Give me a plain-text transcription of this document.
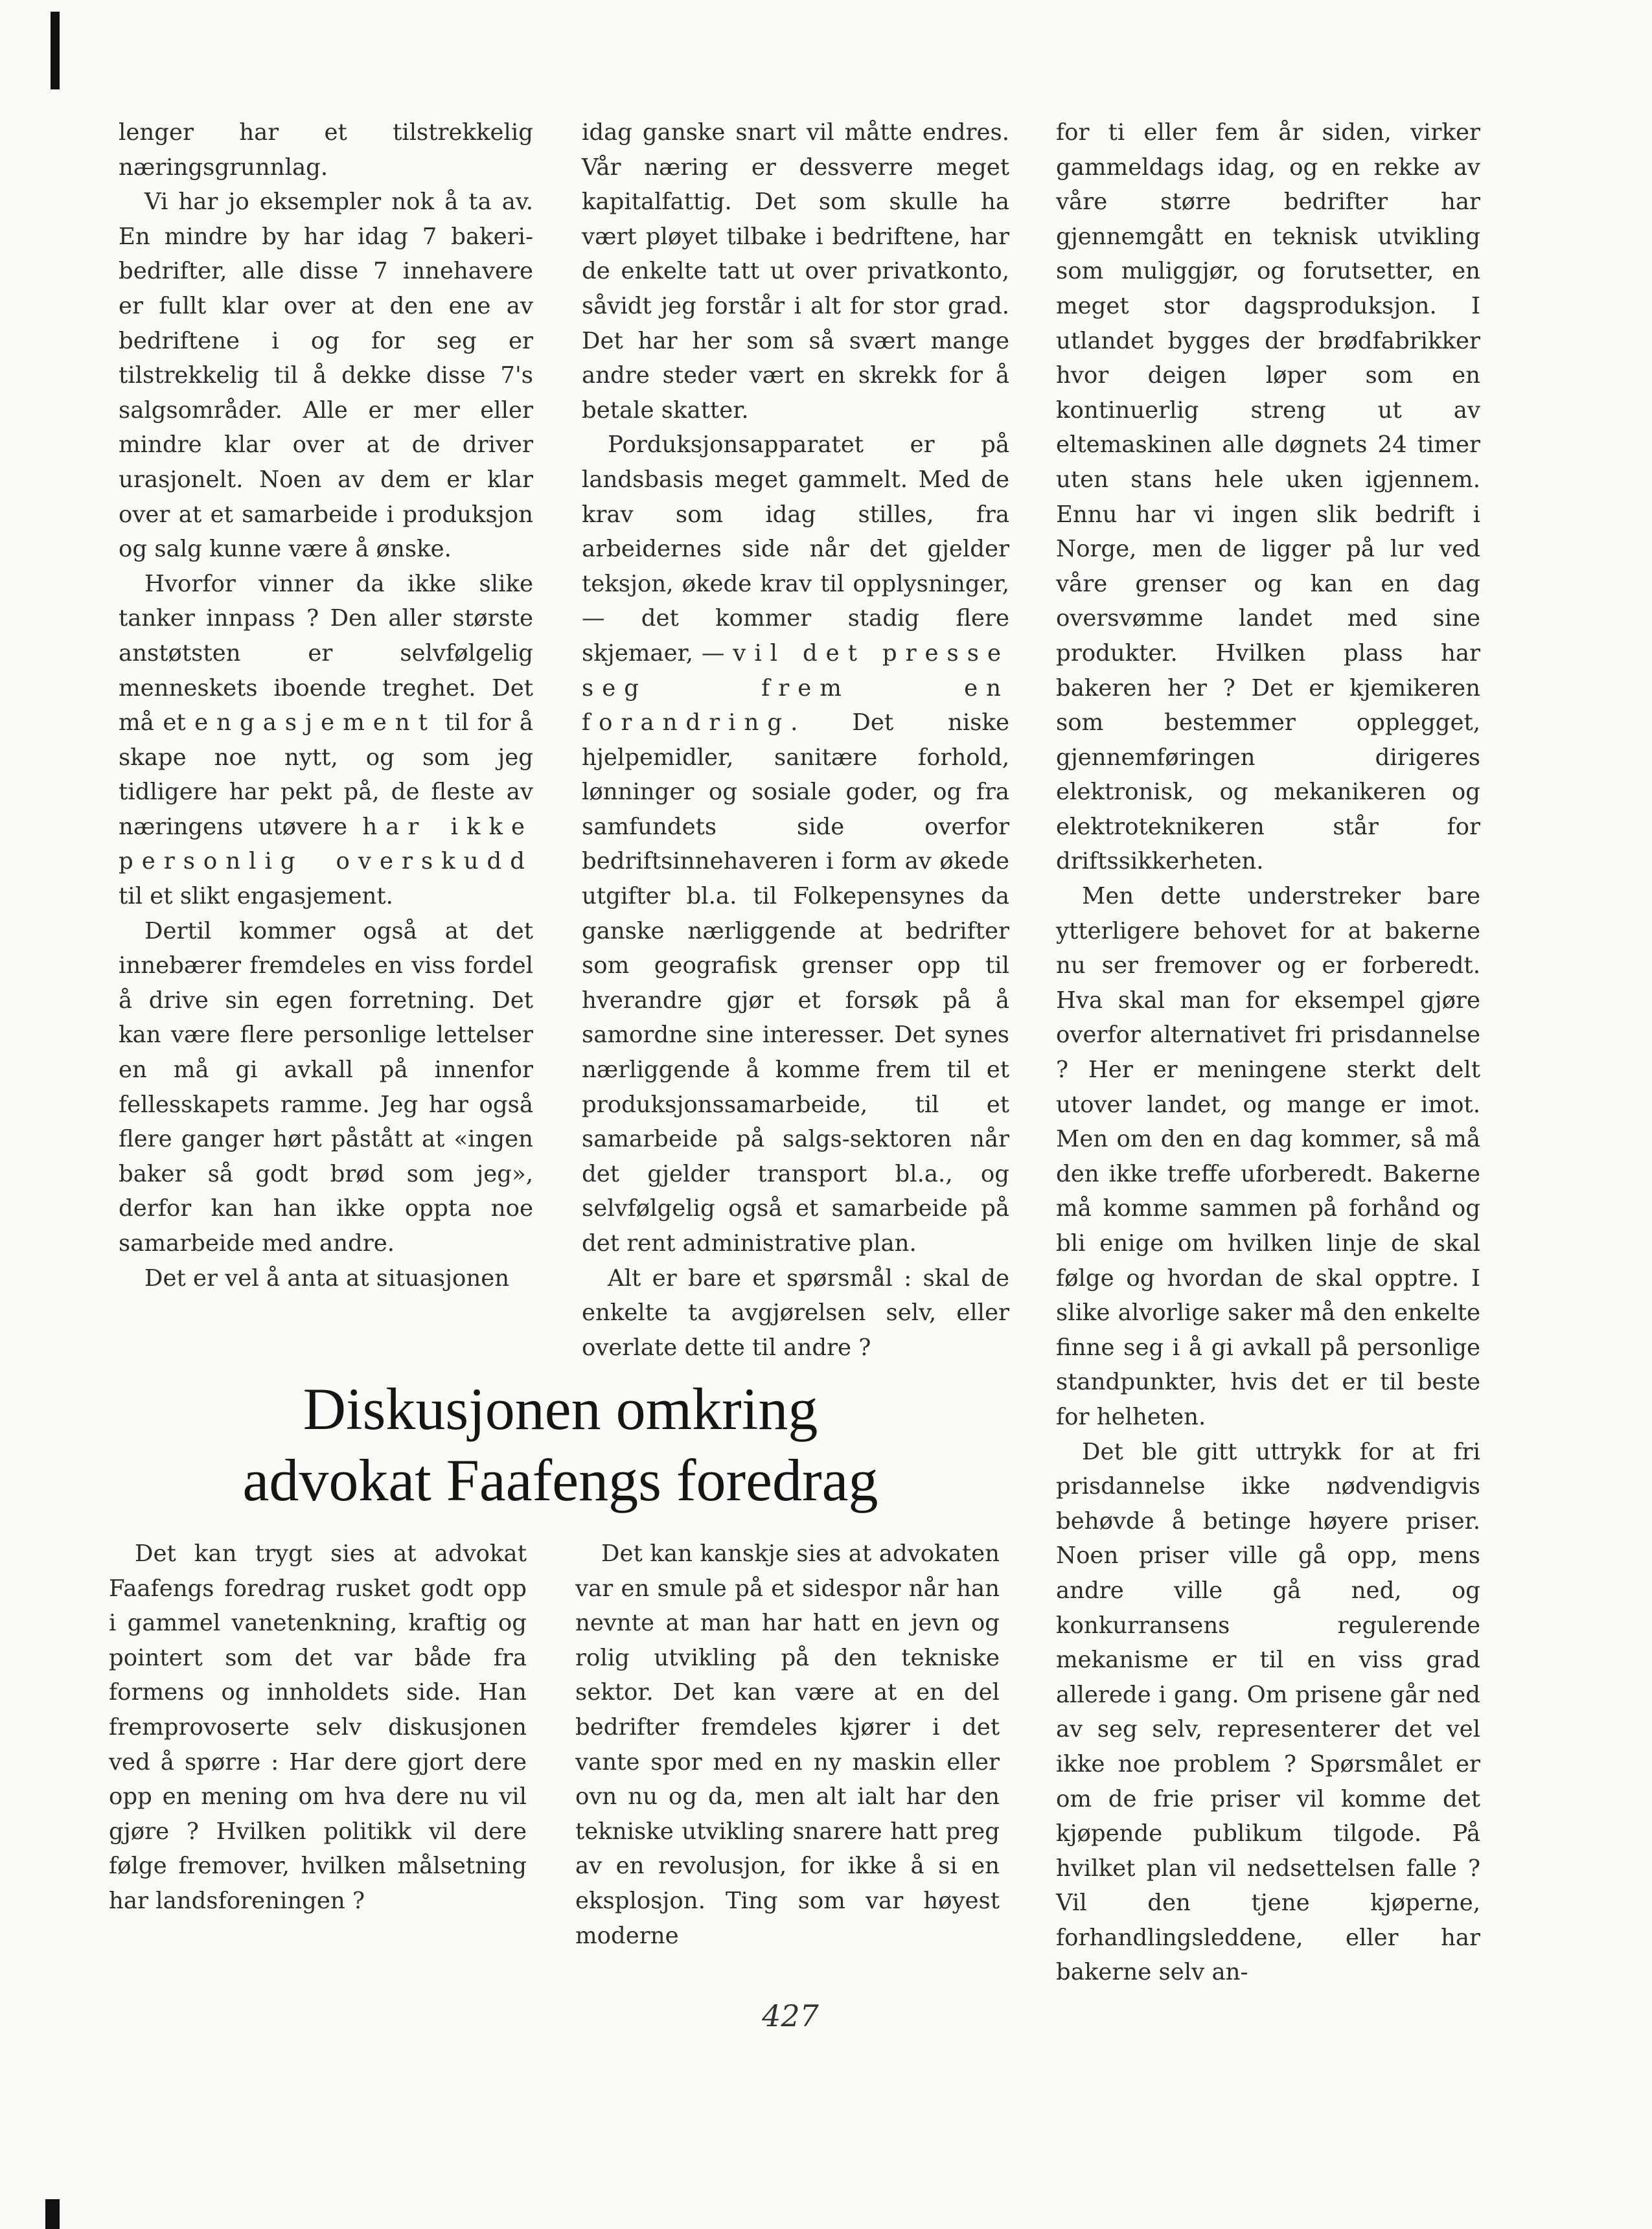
lenger har et tilstrekkelig næringsgrunnlag.

Vi har jo eksempler nok å ta av. En mindre by har idag 7 bakeri-bedrifter, alle disse 7 innehavere er fullt klar over at den ene av bedriftene i og for seg er tilstrekkelig til å dekke disse 7's salgsområder. Alle er mer eller mindre klar over at de driver urasjonelt. Noen av dem er klar over at et samarbeide i produksjon og salg kunne være å ønske.

Hvorfor vinner da ikke slike tanker innpass ? Den aller største anstøtsten er selvfølgelig menneskets iboende treghet. Det må et engasjement til for å skape noe nytt, og som jeg tidligere har pekt på, de fleste av næringens utøvere har ikke personlig overskudd til et slikt engasjement.

Dertil kommer også at det innebærer fremdeles en viss fordel å drive sin egen forretning. Det kan være flere personlige lettelser en må gi avkall på innenfor fellesskapets ramme. Jeg har også flere ganger hørt påstått at «ingen baker så godt brød som jeg», derfor kan han ikke oppta noe samarbeide med andre.

Det er vel å anta at situasjonen

idag ganske snart vil måtte endres. Vår næring er dessverre meget kapitalfattig. Det som skulle ha vært pløyet tilbake i bedriftene, har de enkelte tatt ut over privatkonto, såvidt jeg forstår i alt for stor grad. Det har her som så svært mange andre steder vært en skrekk for å betale skatter.

Porduksjonsapparatet er på landsbasis meget gammelt. Med de krav som idag stilles, fra arbeidernes side når det gjelder teksjon, økede krav til opplysninger, — det kommer stadig flere skjemaer, — vil det presse seg frem en forandring. Det niske hjelpemidler, sanitære forhold, lønninger og sosiale goder, og fra samfundets side overfor bedriftsinnehaveren i form av økede utgifter bl.a. til Folkepensynes da ganske nærliggende at bedrifter som geografisk grenser opp til hverandre gjør et forsøk på å samordne sine interesser. Det synes nærliggende å komme frem til et produksjonssamarbeide, til et samarbeide på salgs-sektoren når det gjelder transport bl.a., og selvfølgelig også et samarbeide på det rent administrative plan.

Alt er bare et spørsmål : skal de enkelte ta avgjørelsen selv, eller overlate dette til andre ?

for ti eller fem år siden, virker gammeldags idag, og en rekke av våre større bedrifter har gjennemgått en teknisk utvikling som muliggjør, og forutsetter, en meget stor dagsproduksjon. I utlandet bygges der brødfabrikker hvor deigen løper som en kontinuerlig streng ut av eltemaskinen alle døgnets 24 timer uten stans hele uken igjennem. Ennu har vi ingen slik bedrift i Norge, men de ligger på lur ved våre grenser og kan en dag oversvømme landet med sine produkter. Hvilken plass har bakeren her ? Det er kjemikeren som bestemmer opplegget, gjennemføringen dirigeres elektronisk, og mekanikeren og elektroteknikeren står for driftssikkerheten.

Men dette understreker bare ytterligere behovet for at bakerne nu ser fremover og er forberedt. Hva skal man for eksempel gjøre overfor alternativet fri prisdannelse ? Her er meningene sterkt delt utover landet, og mange er imot. Men om den en dag kommer, så må den ikke treffe uforberedt. Bakerne må komme sammen på forhånd og bli enige om hvilken linje de skal følge og hvordan de skal opptre. I slike alvorlige saker må den enkelte finne seg i å gi avkall på personlige standpunkter, hvis det er til beste for helheten.

Det ble gitt uttrykk for at fri prisdannelse ikke nødvendigvis behøvde å betinge høyere priser. Noen priser ville gå opp, mens andre ville gå ned, og konkurransens regulerende mekanisme er til en viss grad allerede i gang. Om prisene går ned av seg selv, representerer det vel ikke noe problem ? Spørsmålet er om de frie priser vil komme det kjøpende publikum tilgode. På hvilket plan vil nedsettelsen falle ? Vil den tjene kjøperne, forhandlingsleddene, eller har bakerne selv an-

Diskusjonen omkring
advokat Faafengs foredrag

Det kan trygt sies at advokat Faafengs foredrag rusket godt opp i gammel vanetenkning, kraftig og pointert som det var både fra formens og innholdets side. Han fremprovoserte selv diskusjonen ved å spørre : Har dere gjort dere opp en mening om hva dere nu vil gjøre ? Hvilken politikk vil dere følge fremover, hvilken målsetning har landsforeningen ?

Det kan kanskje sies at advokaten var en smule på et sidespor når han nevnte at man har hatt en jevn og rolig utvikling på den tekniske sektor. Det kan være at en del bedrifter fremdeles kjører i det vante spor med en ny maskin eller ovn nu og da, men alt ialt har den tekniske utvikling snarere hatt preg av en revolusjon, for ikke å si en eksplosjon. Ting som var høyest moderne

427
